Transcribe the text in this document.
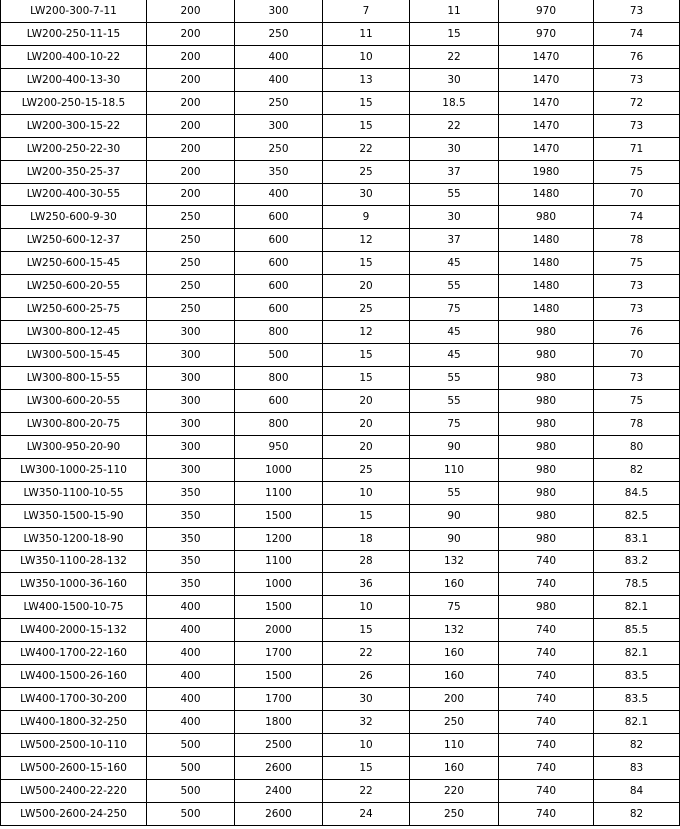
LW200-300-7-11	200	300	7	11	970	73
LW200-250-11-15	200	250	11	15	970	74
LW200-400-10-22	200	400	10	22	1470	76
LW200-400-13-30	200	400	13	30	1470	73
LW200-250-15-18.5	200	250	15	18.5	1470	72
LW200-300-15-22	200	300	15	22	1470	73
LW200-250-22-30	200	250	22	30	1470	71
LW200-350-25-37	200	350	25	37	1980	75
LW200-400-30-55	200	400	30	55	1480	70
LW250-600-9-30	250	600	9	30	980	74
LW250-600-12-37	250	600	12	37	1480	78
LW250-600-15-45	250	600	15	45	1480	75
LW250-600-20-55	250	600	20	55	1480	73
LW250-600-25-75	250	600	25	75	1480	73
LW300-800-12-45	300	800	12	45	980	76
LW300-500-15-45	300	500	15	45	980	70
LW300-800-15-55	300	800	15	55	980	73
LW300-600-20-55	300	600	20	55	980	75
LW300-800-20-75	300	800	20	75	980	78
LW300-950-20-90	300	950	20	90	980	80
LW300-1000-25-110	300	1000	25	110	980	82
LW350-1100-10-55	350	1100	10	55	980	84.5
LW350-1500-15-90	350	1500	15	90	980	82.5
LW350-1200-18-90	350	1200	18	90	980	83.1
LW350-1100-28-132	350	1100	28	132	740	83.2
LW350-1000-36-160	350	1000	36	160	740	78.5
LW400-1500-10-75	400	1500	10	75	980	82.1
LW400-2000-15-132	400	2000	15	132	740	85.5
LW400-1700-22-160	400	1700	22	160	740	82.1
LW400-1500-26-160	400	1500	26	160	740	83.5
LW400-1700-30-200	400	1700	30	200	740	83.5
LW400-1800-32-250	400	1800	32	250	740	82.1
LW500-2500-10-110	500	2500	10	110	740	82
LW500-2600-15-160	500	2600	15	160	740	83
LW500-2400-22-220	500	2400	22	220	740	84
LW500-2600-24-250	500	2600	24	250	740	82
